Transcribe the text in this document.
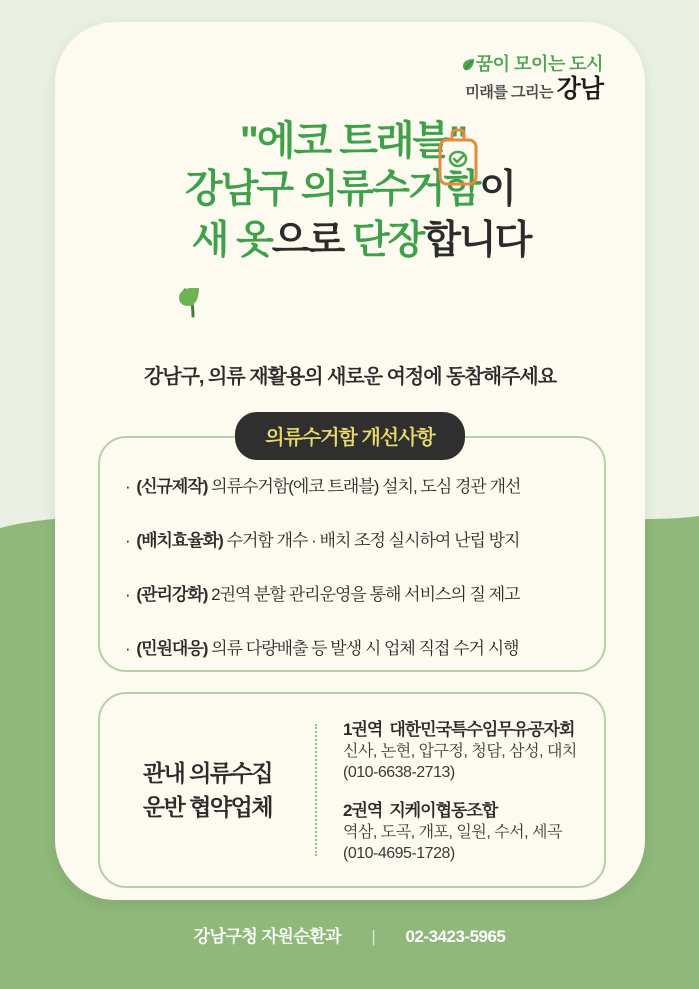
꿈이 모이는 도시
미래를 그리는 강남
"에코 트래블"
강남구 의류수거함이
새 옷으로 단장합니다
강남구, 의류 재활용의 새로운 여정에 동참해주세요
의류수거함 개선사항
· (신규제작) 의류수거함(에코 트래블) 설치, 도심 경관 개선
· (배치효율화) 수거함 개수 · 배치 조정 실시하여 난립 방지
· (관리강화) 2권역 분할 관리운영을 통해 서비스의 질 제고
· (민원대응) 의류 다량배출 등 발생 시 업체 직접 수거 시행
관내 의류수집
운반 협약업체
1권역 대한민국특수임무유공자회
신사, 논현, 압구정, 청담, 삼성, 대치
(010-6638-2713)
2권역 지케이협동조합
역삼, 도곡, 개포, 일원, 수서, 세곡
(010-4695-1728)
강남구청 자원순환과 | 02-3423-5965
